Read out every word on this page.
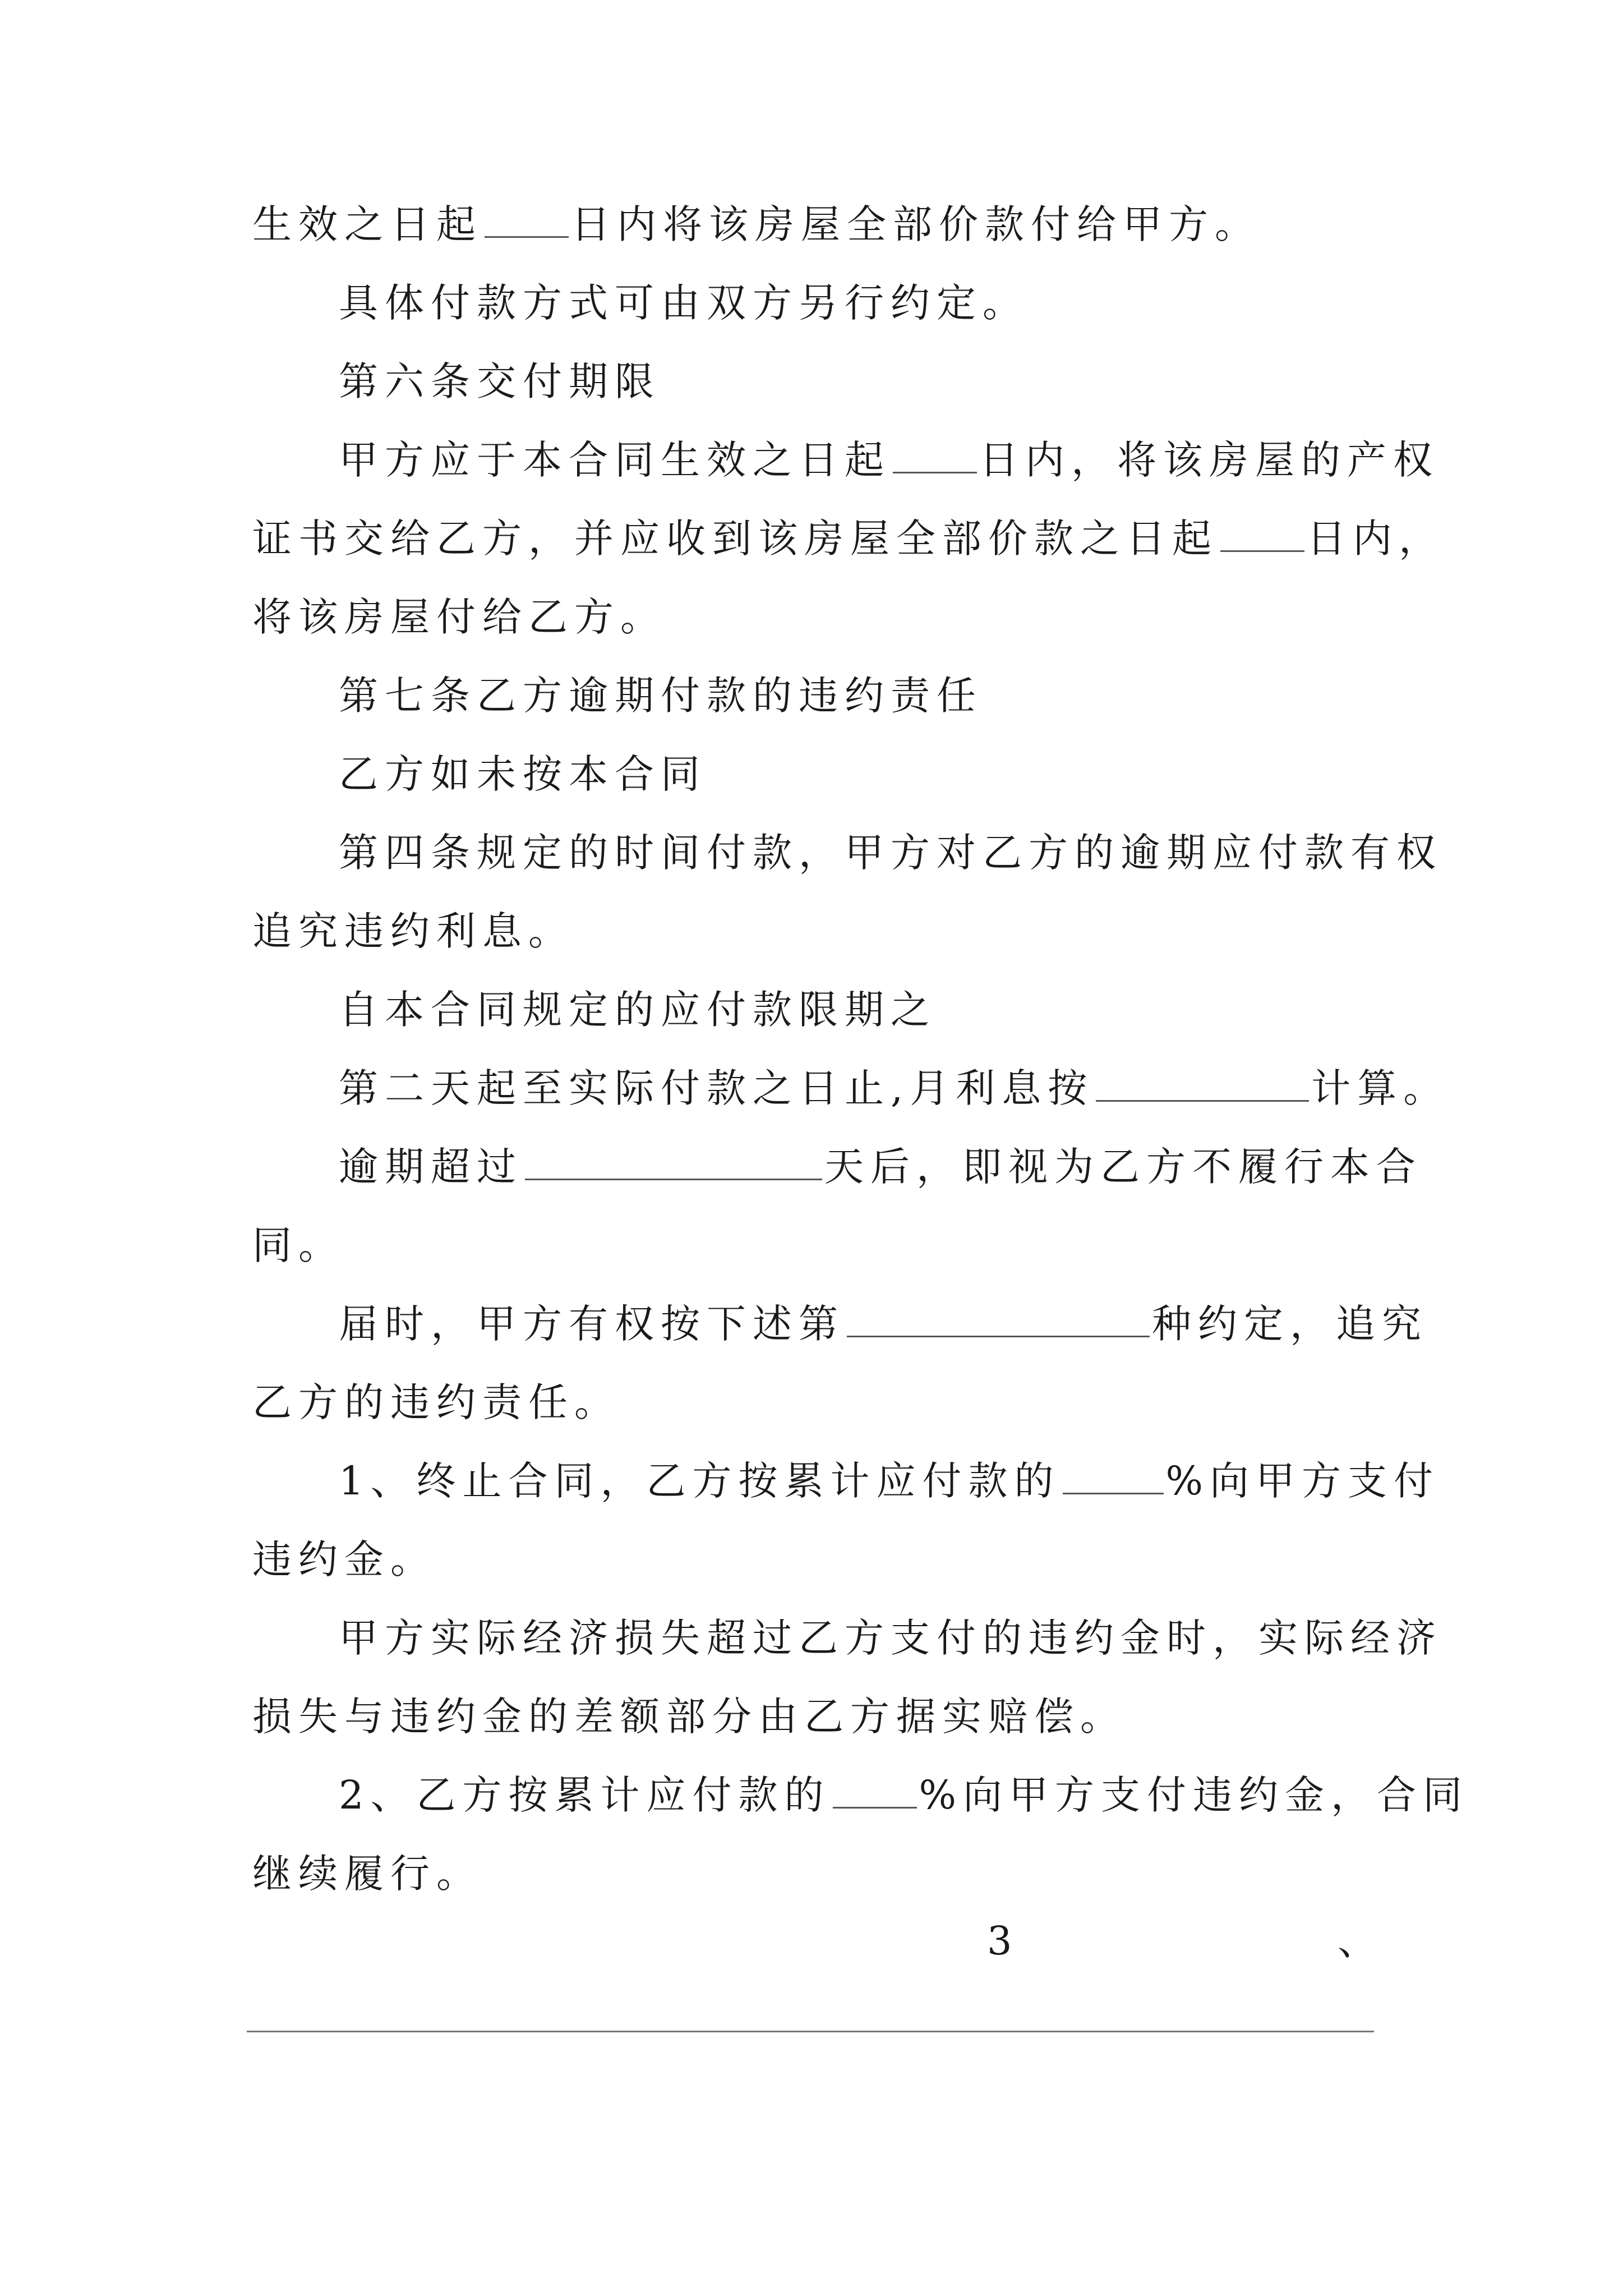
生效之日起 日内将该房屋全部价款付给甲方。
具体付款方式可由双方另行约定。
第六条交付期限
甲方应于本合同生效之日起 日内，将该房屋的产权
证书交给乙方，并应收到该房屋全部价款之日起 日内，
将该房屋付给乙方。
第七条乙方逾期付款的违约责任
乙方如未按本合同
第四条规定的时间付款，甲方对乙方的逾期应付款有权
追究违约利息。
自本合同规定的应付款限期之
第二天起至实际付款之日止,月利息按	计算。
逾期超过	天后，即视为乙方不履行本合
同。
届时，甲方有权按下述第	种约定，追究
乙方的违约责任。
1、终止合同，乙方按累计应付款的	%向甲方支付
违约金。
甲方实际经济损失超过乙方支付的违约金时，实际经济
损失与违约金的差额部分由乙方据实赔偿。
2、乙方按累计应付款的 %向甲方支付违约金，合同
继续履行。
3	、
